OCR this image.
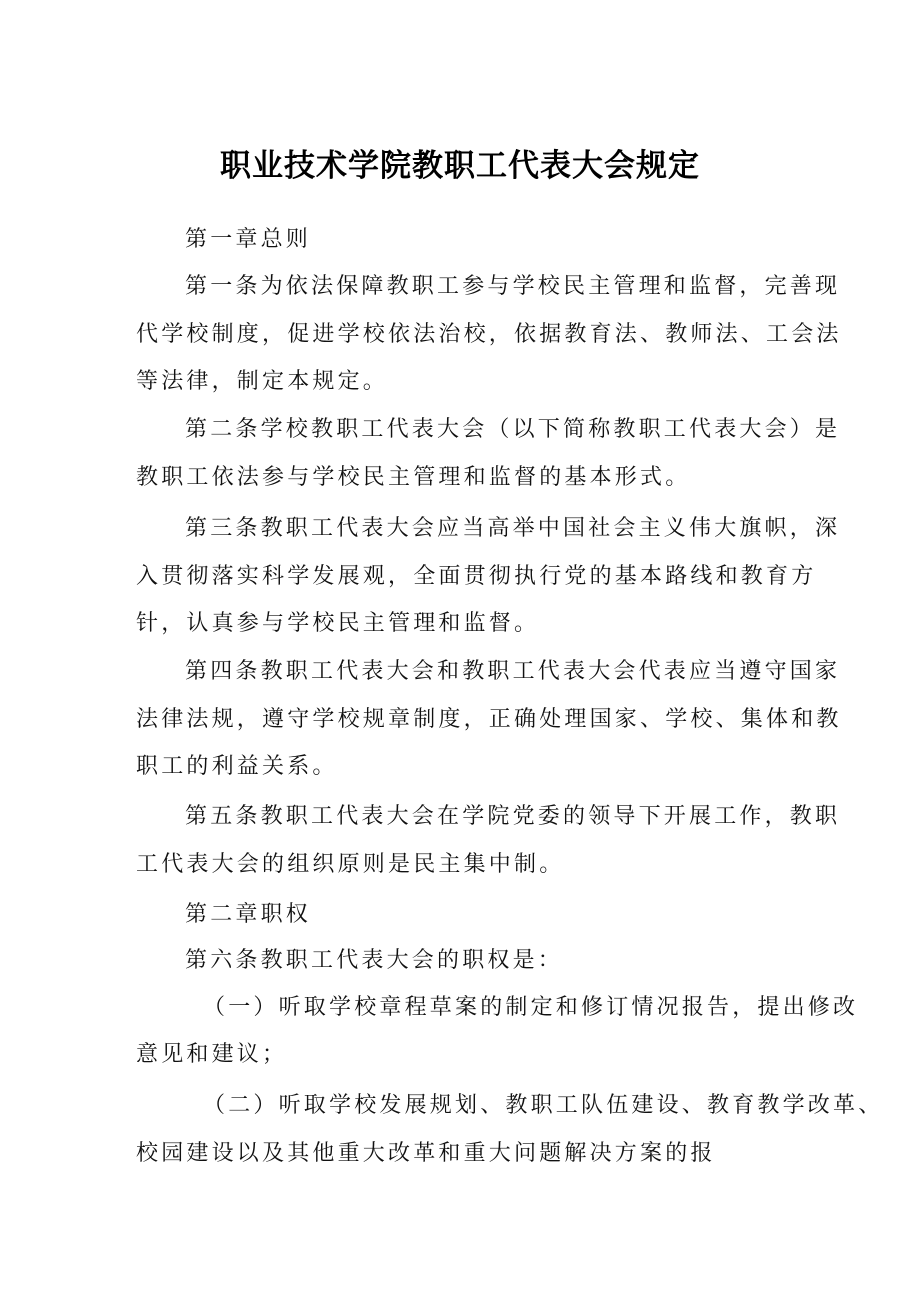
职业技术学院教职工代表大会规定

第一章总则

第一条为依法保障教职工参与学校民主管理和监督，完善现

代学校制度，促进学校依法治校，依据教育法、教师法、工会法

等法律，制定本规定。

第二条学校教职工代表大会（以下简称教职工代表大会）是

教职工依法参与学校民主管理和监督的基本形式。

第三条教职工代表大会应当高举中国社会主义伟大旗帜，深

入贯彻落实科学发展观，全面贯彻执行党的基本路线和教育方

针，认真参与学校民主管理和监督。

第四条教职工代表大会和教职工代表大会代表应当遵守国家

法律法规，遵守学校规章制度，正确处理国家、学校、集体和教

职工的利益关系。

第五条教职工代表大会在学院党委的领导下开展工作，教职

工代表大会的组织原则是民主集中制。

第二章职权

第六条教职工代表大会的职权是：

（一）听取学校章程草案的制定和修订情况报告，提出修改

意见和建议；

（二）听取学校发展规划、教职工队伍建设、教育教学改革、

校园建设以及其他重大改革和重大问题解决方案的报
